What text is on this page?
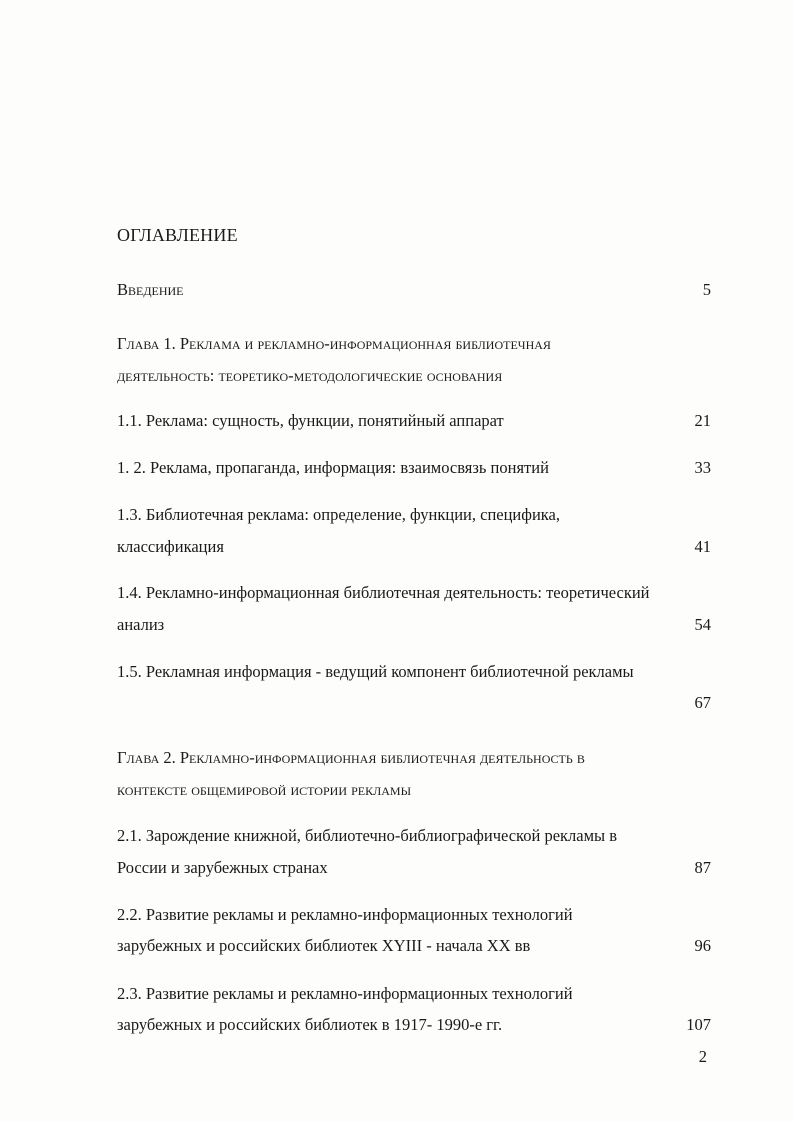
ОГЛАВЛЕНИЕ
Введение	5
Глава 1. Реклама и рекламно-информационная библиотечная
деятельность: теоретико-методологические основания
1.1. Реклама: сущность, функции, понятийный аппарат	21
1. 2. Реклама, пропаганда, информация: взаимосвязь понятий	33
1.3. Библиотечная реклама: определение, функции, специфика,
классификация	41
1.4. Рекламно-информационная библиотечная деятельность: теоретический
анализ	54
1.5. Рекламная информация - ведущий компонент библиотечной рекламы
67
Глава 2. Рекламно-информационная библиотечная деятельность в
контексте общемировой истории рекламы
2.1. Зарождение книжной, библиотечно-библиографической рекламы в
России и зарубежных странах	87
2.2. Развитие рекламы и рекламно-информационных технологий
зарубежных и российских библиотек XYIII - начала ХХ вв	96
2.3. Развитие рекламы и рекламно-информационных технологий
зарубежных и российских библиотек в 1917- 1990-е гг.	107
2
